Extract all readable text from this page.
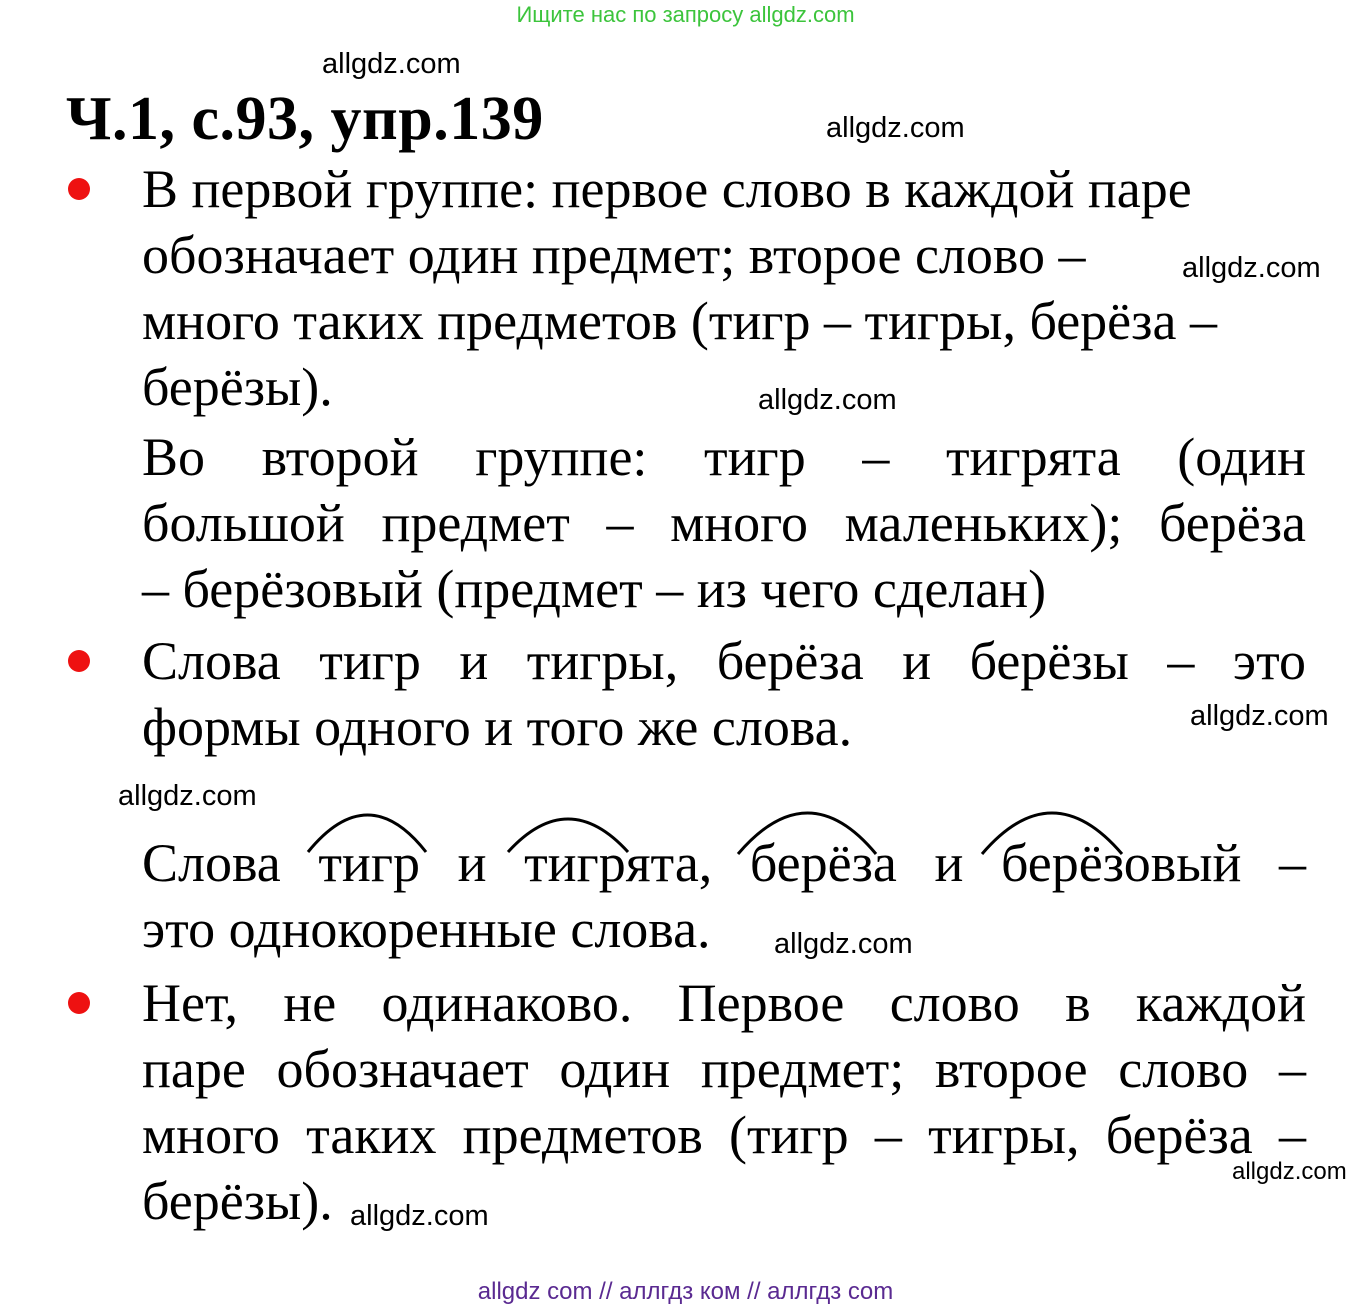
Ищите нас по запросу allgdz.com
allgdz.com
Ч.1, с.93, упр.139	allgdz.com
В первой группе: первое слово в каждой паре
обозначает один предмет; второе слово –	allgdz.com
много таких предметов (тигр – тигры, берёза –
берёзы).	allgdz.com
Во второй группе: тигр – тигрята (один
большой предмет – много маленьких); берёза
– берёзовый (предмет – из чего сделан)
Слова тигр и тигры, берёза и берёзы – это
формы одного и того же слова.	allgdz.com
allgdz.com
Слова тигр и тигрята, берёза и берёзовый –
это однокоренные слова. allgdz.com
Нет, не одинаково. Первое слово в каждой
паре обозначает один предмет; второе слово –
много таких предметов (тигр – тигры, берёза –
allgdz.com
берёзы). allgdz.com
allgdz com // аллгдз ком // аллгдз com
